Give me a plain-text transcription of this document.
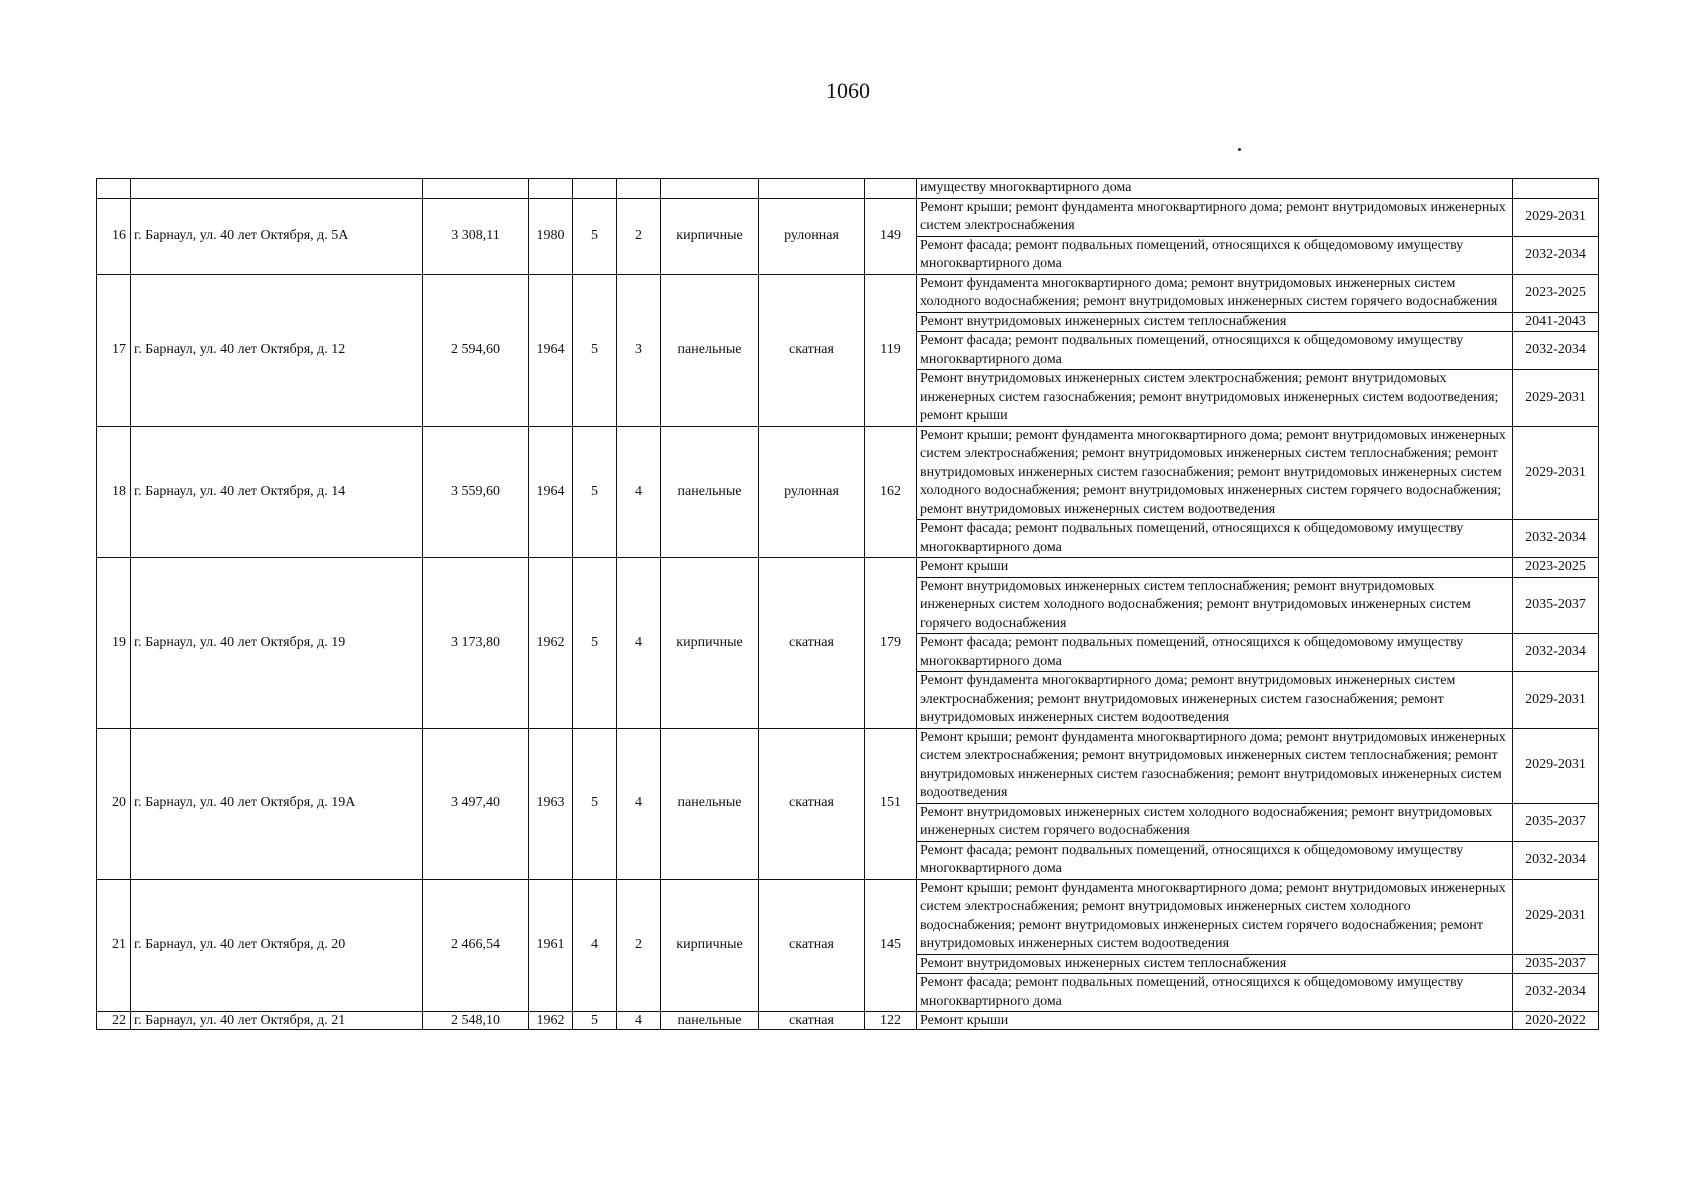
1060
									имуществу многоквартирного дома	
16	г. Барнаул, ул. 40 лет Октября, д. 5А	3 308,11	1980	5	2	кирпичные	рулонная	149	Ремонт крыши; ремонт фундамента многоквартирного дома; ремонт внутридомовых инженерных систем электроснабжения	2029-2031
									Ремонт фасада; ремонт подвальных помещений, относящихся к общедомовому имуществу многоквартирного дома	2032-2034
17	г. Барнаул, ул. 40 лет Октября, д. 12	2 594,60	1964	5	3	панельные	скатная	119	Ремонт фундамента многоквартирного дома; ремонт внутридомовых инженерных систем холодного водоснабжения; ремонт внутридомовых инженерных систем горячего водоснабжения	2023-2025
									Ремонт внутридомовых инженерных систем теплоснабжения	2041-2043
									Ремонт фасада; ремонт подвальных помещений, относящихся к общедомовому имуществу многоквартирного дома	2032-2034
									Ремонт внутридомовых инженерных систем электроснабжения; ремонт внутридомовых инженерных систем газоснабжения; ремонт внутридомовых инженерных систем водоотведения; ремонт крыши	2029-2031
18	г. Барнаул, ул. 40 лет Октября, д. 14	3 559,60	1964	5	4	панельные	рулонная	162	Ремонт крыши; ремонт фундамента многоквартирного дома; ремонт внутридомовых инженерных систем электроснабжения; ремонт внутридомовых инженерных систем теплоснабжения; ремонт внутридомовых инженерных систем газоснабжения; ремонт внутридомовых инженерных систем холодного водоснабжения; ремонт внутридомовых инженерных систем горячего водоснабжения; ремонт внутридомовых инженерных систем водоотведения	2029-2031
									Ремонт фасада; ремонт подвальных помещений, относящихся к общедомовому имуществу многоквартирного дома	2032-2034
19	г. Барнаул, ул. 40 лет Октября, д. 19	3 173,80	1962	5	4	кирпичные	скатная	179	Ремонт крыши	2023-2025
									Ремонт внутридомовых инженерных систем теплоснабжения; ремонт внутридомовых инженерных систем холодного водоснабжения; ремонт внутридомовых инженерных систем горячего водоснабжения	2035-2037
									Ремонт фасада; ремонт подвальных помещений, относящихся к общедомовому имуществу многоквартирного дома	2032-2034
									Ремонт фундамента многоквартирного дома; ремонт внутридомовых инженерных систем электроснабжения; ремонт внутридомовых инженерных систем газоснабжения; ремонт внутридомовых инженерных систем водоотведения	2029-2031
20	г. Барнаул, ул. 40 лет Октября, д. 19А	3 497,40	1963	5	4	панельные	скатная	151	Ремонт крыши; ремонт фундамента многоквартирного дома; ремонт внутридомовых инженерных систем электроснабжения; ремонт внутридомовых инженерных систем теплоснабжения; ремонт внутридомовых инженерных систем газоснабжения; ремонт внутридомовых инженерных систем водоотведения	2029-2031
									Ремонт внутридомовых инженерных систем холодного водоснабжения; ремонт внутридомовых инженерных систем горячего водоснабжения	2035-2037
									Ремонт фасада; ремонт подвальных помещений, относящихся к общедомовому имуществу многоквартирного дома	2032-2034
21	г. Барнаул, ул. 40 лет Октября, д. 20	2 466,54	1961	4	2	кирпичные	скатная	145	Ремонт крыши; ремонт фундамента многоквартирного дома; ремонт внутридомовых инженерных систем электроснабжения; ремонт внутридомовых инженерных систем холодного водоснабжения; ремонт внутридомовых инженерных систем горячего водоснабжения; ремонт внутридомовых инженерных систем водоотведения	2029-2031
									Ремонт внутридомовых инженерных систем теплоснабжения	2035-2037
									Ремонт фасада; ремонт подвальных помещений, относящихся к общедомовому имуществу многоквартирного дома	2032-2034
22	г. Барнаул, ул. 40 лет Октября, д. 21	2 548,10	1962	5	4	панельные	скатная	122	Ремонт крыши	2020-2022
